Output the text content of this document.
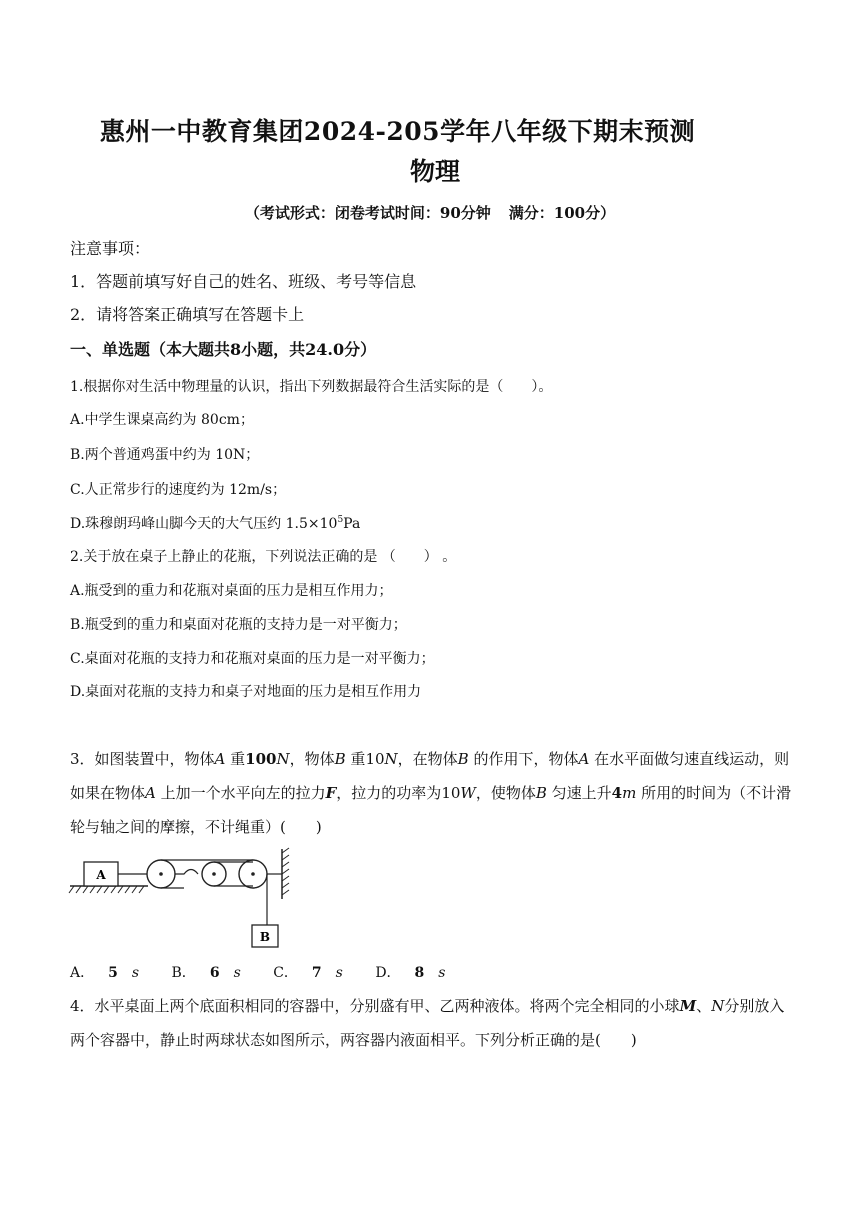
惠州一中教育集团2024-205学年八年级下期末预测
物理
（考试形式：闭卷考试时间：90分钟 满分：100分）
注意事项：
1．答题前填写好自己的姓名、班级、考号等信息
2．请将答案正确填写在答题卡上
一、单选题（本大题共8小题，共24.0分）
1.根据你对生活中物理量的认识，指出下列数据最符合生活实际的是（　　）。
A.中学生课桌高约为 80cm；
B.两个普通鸡蛋中约为 10N；
C.人正常步行的速度约为 12m/s；
D.珠穆朗玛峰山脚今天的大气压约 $1.5\times 10^5Pa$
2.关于放在桌子上静止的花瓶，下列说法正确的是 （　　） 。
A.瓶受到的重力和花瓶对桌面的压力是相互作用力；
B.瓶受到的重力和桌面对花瓶的支持力是一对平衡力；
C.桌面对花瓶的支持力和花瓶对桌面的压力是一对平衡力；
D.桌面对花瓶的支持力和桌子对地面的压力是相互作用力
3．如图装置中，物体A 重100N，物体B 重10N，在物体B 的作用下，物体A 在水平面做匀速直线运动，则
如果在物体A 上加一个水平向左的拉力F，拉力的功率为10W，使物体B 匀速上升4m 所用的时间为（不计滑
轮与轴之间的摩擦，不计绳重）(　　)
A
B
A． 5 s B． 6 s C． 7 s D． 8 s
4．水平桌面上两个底面积相同的容器中，分别盛有甲、乙两种液体。将两个完全相同的小球M、N分别放入
两个容器中，静止时两球状态如图所示，两容器内液面相平。下列分析正确的是(　　)
